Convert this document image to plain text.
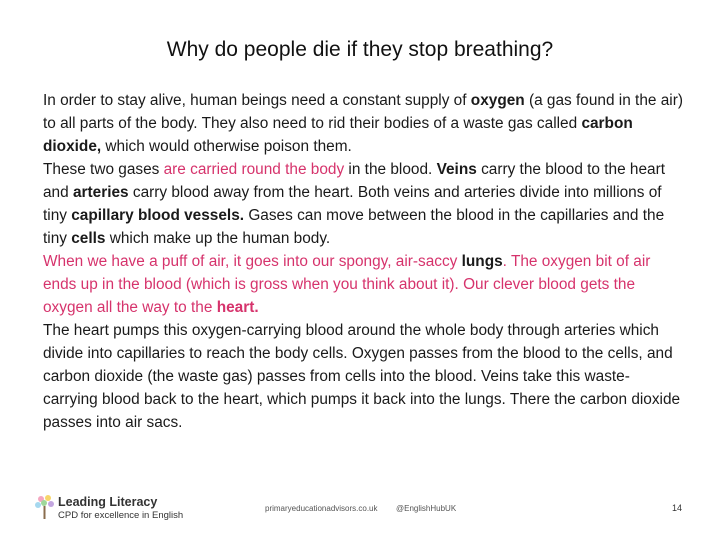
Why do people die if they stop breathing?

In order to stay alive, human beings need a constant supply of oxygen (a gas found in the air) to all parts of the body. They also need to rid their bodies of a waste gas called carbon dioxide, which would otherwise poison them.

These two gases are carried round the body in the blood. Veins carry the blood to the heart and arteries carry blood away from the heart. Both veins and arteries divide into millions of tiny capillary blood vessels. Gases can move between the blood in the capillaries and the tiny cells which make up the human body.

When we have a puff of air, it goes into our spongy, air-saccy lungs. The oxygen bit of air ends up in the blood (which is gross when you think about it). Our clever blood gets the oxygen all the way to the heart.

The heart pumps this oxygen-carrying blood around the whole body through arteries which divide into capillaries to reach the body cells. Oxygen passes from the blood to the cells, and carbon dioxide (the waste gas) passes from cells into the blood. Veins take this waste-carrying blood back to the heart, which pumps it back into the lungs. There the carbon dioxide passes into air sacs.

Leading Literacy
CPD for excellence in English
primaryeducationadvisors.co.uk @EnglishHubUK	14
